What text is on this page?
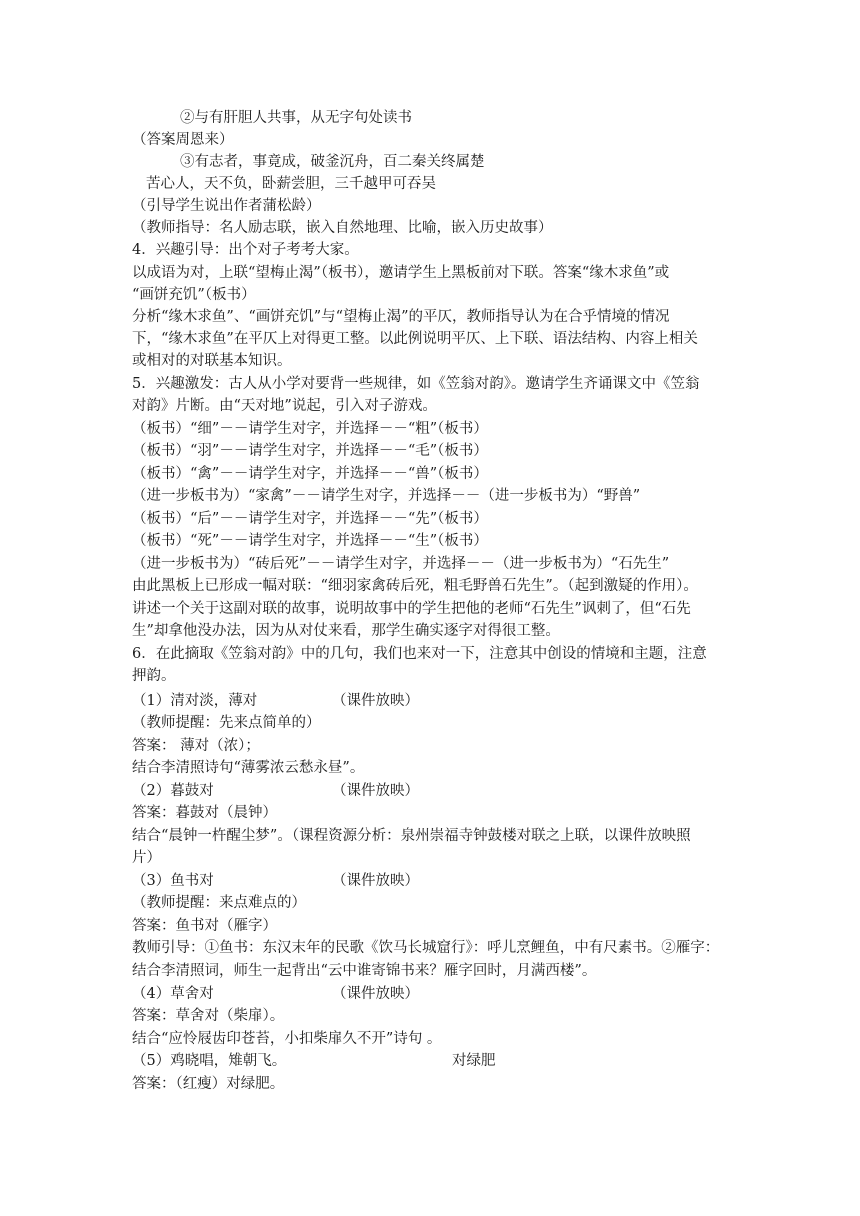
②与有肝胆人共事，从无字句处读书
（答案周恩来）
③有志者，事竟成，破釜沉舟，百二秦关终属楚
苦心人，天不负，卧薪尝胆，三千越甲可吞吴
（引导学生说出作者蒲松龄）
（教师指导：名人励志联，嵌入自然地理、比喻，嵌入历史故事）
4．兴趣引导：出个对子考考大家。
以成语为对，上联“望梅止渴”（板书），邀请学生上黑板前对下联。答案“缘木求鱼”或
“画饼充饥”（板书）
分析“缘木求鱼”、“画饼充饥”与“望梅止渴”的平仄，教师指导认为在合乎情境的情况
下，“缘木求鱼”在平仄上对得更工整。以此例说明平仄、上下联、语法结构、内容上相关
或相对的对联基本知识。
5．兴趣激发：古人从小学对要背一些规律，如《笠翁对韵》。邀请学生齐诵课文中《笠翁
对韵》片断。由“天对地”说起，引入对子游戏。
（板书）“细”－－请学生对字，并选择－－“粗”（板书）
（板书）“羽”－－请学生对字，并选择－－“毛”（板书）
（板书）“禽”－－请学生对字，并选择－－“兽”（板书）
（进一步板书为）“家禽”－－请学生对字，并选择－－（进一步板书为）“野兽”
（板书）“后”－－请学生对字，并选择－－“先”（板书）
（板书）“死”－－请学生对字，并选择－－“生”（板书）
（进一步板书为）“砖后死”－－请学生对字，并选择－－（进一步板书为）“石先生”
由此黑板上已形成一幅对联：“细羽家禽砖后死，粗毛野兽石先生”。（起到激疑的作用）。
讲述一个关于这副对联的故事，说明故事中的学生把他的老师“石先生”讽刺了，但“石先
生”却拿他没办法，因为从对仗来看，那学生确实逐字对得很工整。
6．在此摘取《笠翁对韵》中的几句，我们也来对一下，注意其中创设的情境和主题，注意
押韵。
（1）清对淡，薄对	（课件放映）
（教师提醒：先来点简单的）
答案： 薄对（浓）；
结合李清照诗句“薄雾浓云愁永昼”。
（2）暮鼓对	（课件放映）
答案：暮鼓对（晨钟）
结合“晨钟一杵醒尘梦”。（课程资源分析：泉州崇福寺钟鼓楼对联之上联，以课件放映照
片）
（3）鱼书对	（课件放映）
（教师提醒：来点难点的）
答案：鱼书对（雁字）
教师引导：①鱼书：东汉末年的民歌《饮马长城窟行》：呼儿烹鲤鱼，中有尺素书。②雁字：
结合李清照词，师生一起背出“云中谁寄锦书来？雁字回时，月满西楼”。
（4）草舍对	（课件放映）
答案：草舍对（柴扉）。
结合“应怜屐齿印苍苔，小扣柴扉久不开”诗句 。
（5）鸡晓唱，雉朝飞。	对绿肥
答案：（红瘦）对绿肥。
